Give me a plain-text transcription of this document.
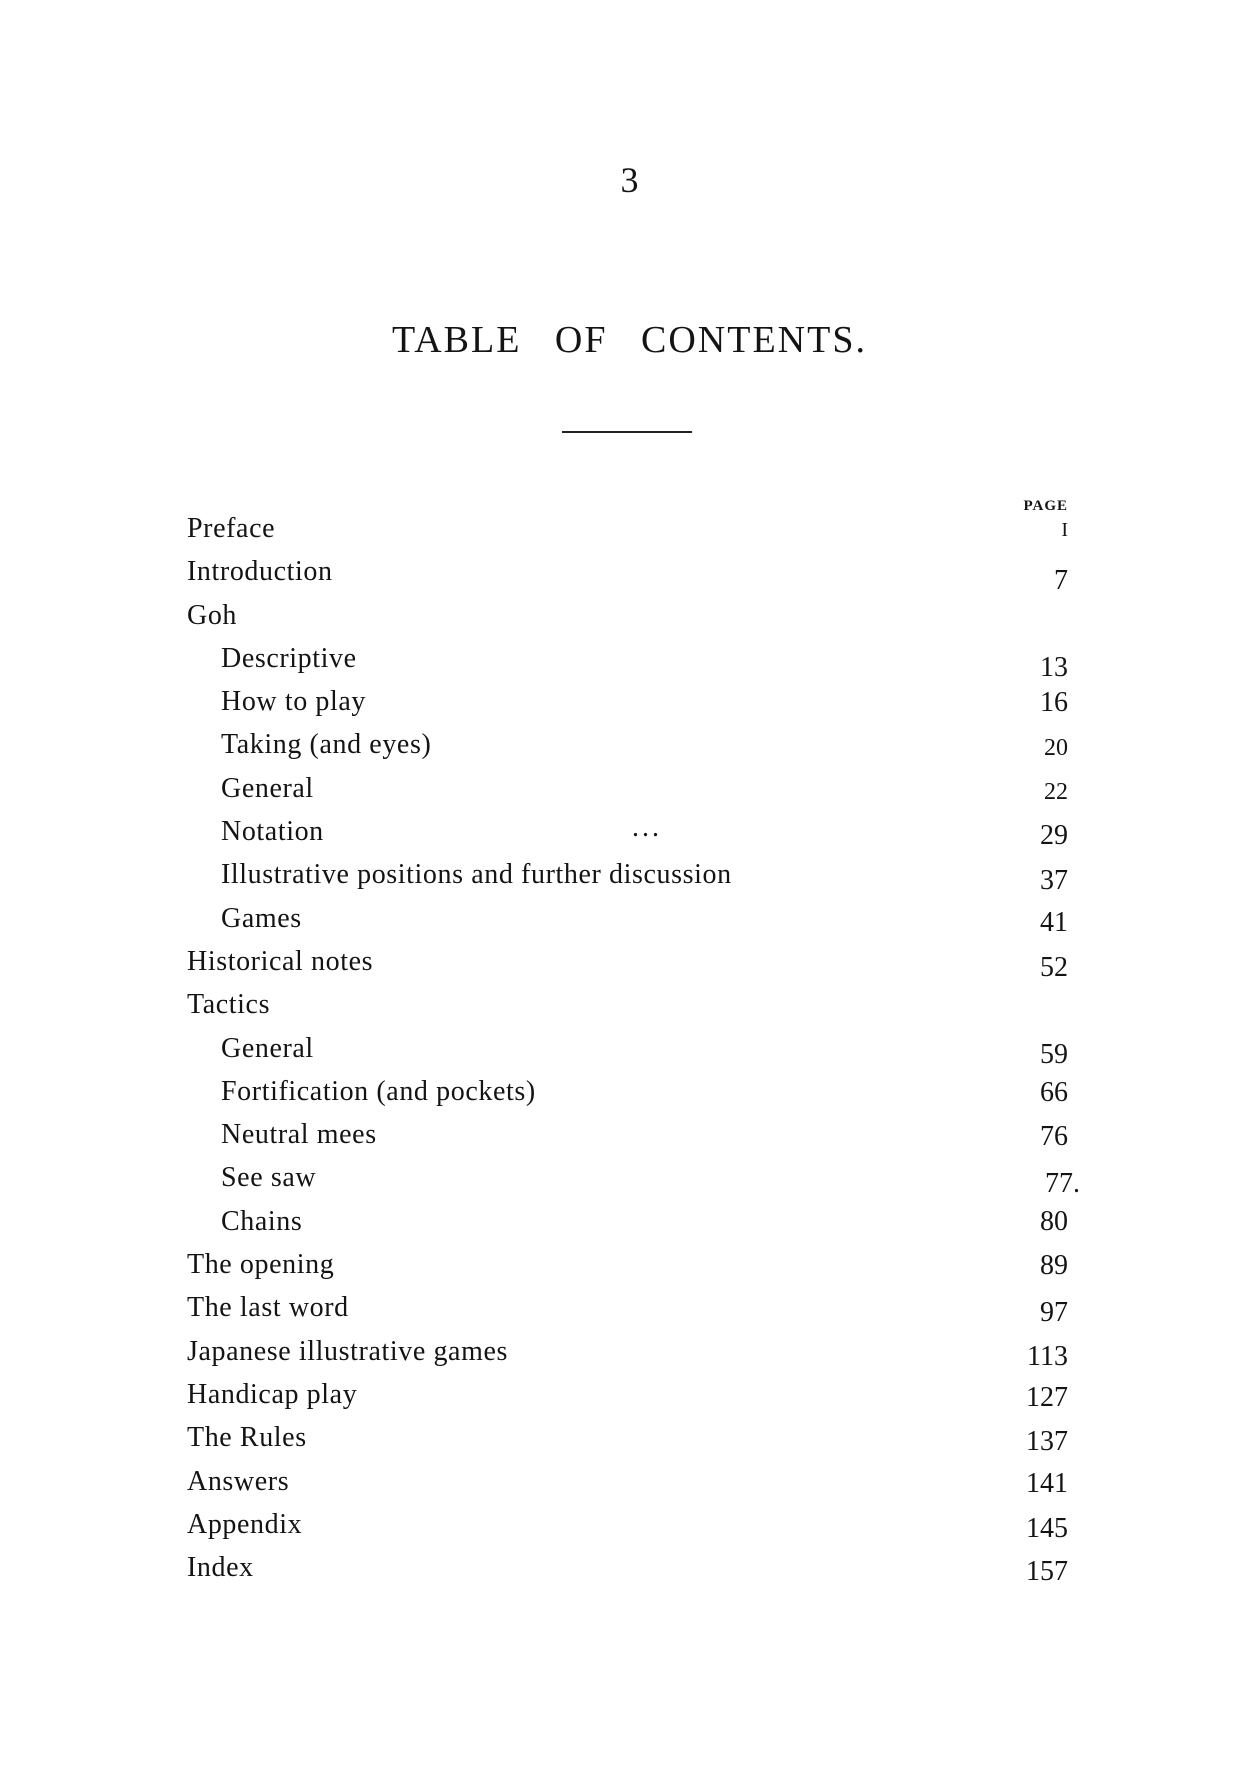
3
TABLE OF CONTENTS.
PAGE
Preface	I
Introduction	7
Goh
Descriptive	13
How to play	16
Taking (and eyes)	20
General	22
Notation	...	29
Illustrative positions and further discussion	37
Games	41
Historical notes	52
Tactics
General	59
Fortification (and pockets)	66
Neutral mees	76
See saw	77.
Chains	80
The opening	89
The last word	97
Japanese illustrative games	113
Handicap play	127
The Rules	137
Answers	141
Appendix	145
Index	157
